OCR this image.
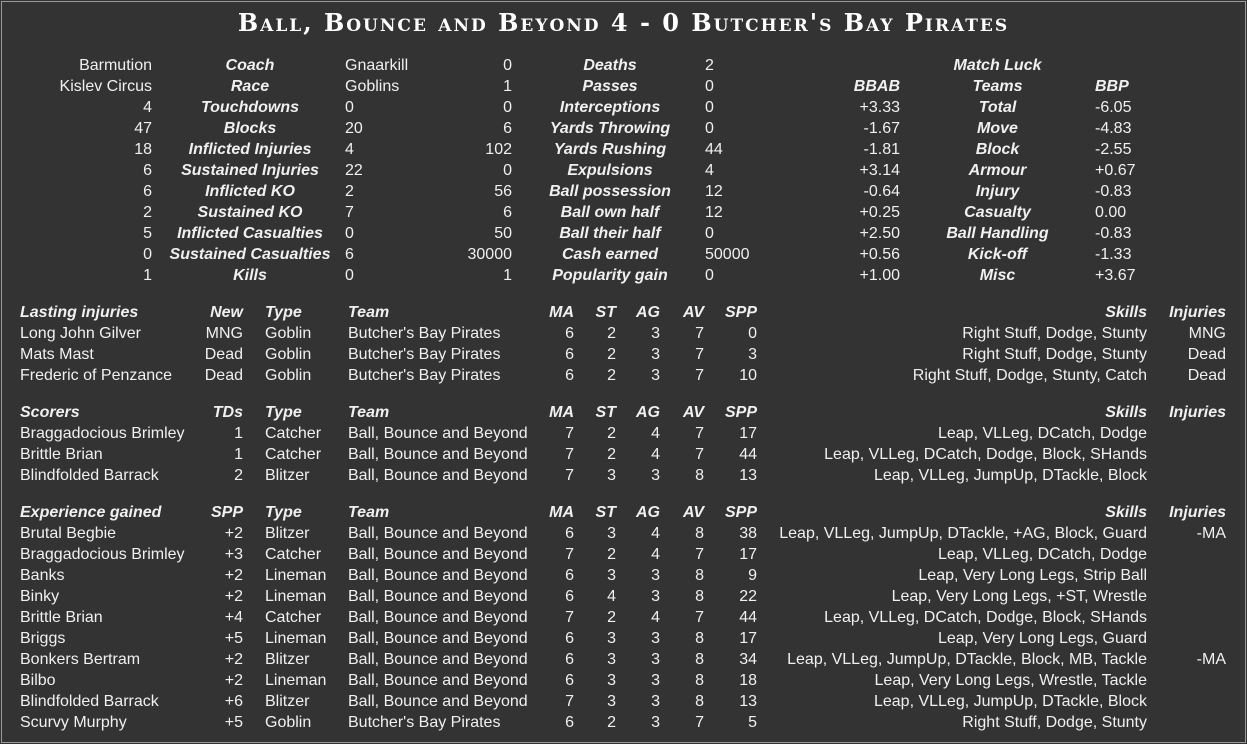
Ball, Bounce and Beyond 4 - 0 Butcher's Bay Pirates
Barmution	Coach	Gnaarkill	0	Deaths	2
Kislev Circus	Race	Goblins	1	Passes	0
4	Touchdowns	0	0	Interceptions	0
47	Blocks	20	6	Yards Throwing	0
18	Inflicted Injuries	4	102	Yards Rushing	44
6	Sustained Injuries	22	0	Expulsions	4
6	Inflicted KO	2	56	Ball possession	12
2	Sustained KO	7	6	Ball own half	12
5	Inflicted Casualties	0	50	Ball their half	0
0	Sustained Casualties 6	30000	Cash earned	50000
1	Kills	0	1	Popularity gain	0
Match Luck
BBAB	Teams	BBP
+3.33	Total	-6.05
-1.67	Move	-4.83
-1.81	Block	-2.55
+3.14	Armour	+0.67
-0.64	Injury	-0.83
+0.25	Casualty	0.00
+2.50	Ball Handling	-0.83
+0.56	Kick-off	-1.33
+1.00	Misc	+3.67
Lasting injuries	New Type	Team	MA	ST	AG	AV	SPP	Skills	Injuries
Long John Gilver	MNG Goblin	Butcher's Bay Pirates	6	2	3	7	0	Right Stuff, Dodge, Stunty	MNG
Mats Mast	Dead Goblin	Butcher's Bay Pirates	6	2	3	7	3	Right Stuff, Dodge, Stunty	Dead
Frederic of Penzance	Dead Goblin	Butcher's Bay Pirates	6	2	3	7	10	Right Stuff, Dodge, Stunty, Catch	Dead
Scorers	TDs Type	Team	MA	ST	AG	AV	SPP	Skills	Injuries
Braggadocious Brimley	1 Catcher	Ball, Bounce and Beyond	7	2	4	7	17	Leap, VLLeg, DCatch, Dodge
Brittle Brian	1 Catcher	Ball, Bounce and Beyond	7	2	4	7	44	Leap, VLLeg, DCatch, Dodge, Block, SHands
Blindfolded Barrack	2 Blitzer	Ball, Bounce and Beyond	7	3	3	8	13	Leap, VLLeg, JumpUp, DTackle, Block
Experience gained	SPP Type	Team	MA	ST	AG	AV	SPP	Skills	Injuries
Brutal Begbie	+2 Blitzer	Ball, Bounce and Beyond	6	3	4	8	38	Leap, VLLeg, JumpUp, DTackle, +AG, Block, Guard	-MA
Braggadocious Brimley	+3 Catcher	Ball, Bounce and Beyond	7	2	4	7	17	Leap, VLLeg, DCatch, Dodge
Banks	+2 Lineman	Ball, Bounce and Beyond	6	3	3	8	9	Leap, Very Long Legs, Strip Ball
Binky	+2 Lineman	Ball, Bounce and Beyond	6	4	3	8	22	Leap, Very Long Legs, +ST, Wrestle
Brittle Brian	+4 Catcher	Ball, Bounce and Beyond	7	2	4	7	44	Leap, VLLeg, DCatch, Dodge, Block, SHands
Briggs	+5 Lineman	Ball, Bounce and Beyond	6	3	3	8	17	Leap, Very Long Legs, Guard
Bonkers Bertram	+2 Blitzer	Ball, Bounce and Beyond	6	3	3	8	34	Leap, VLLeg, JumpUp, DTackle, Block, MB, Tackle	-MA
Bilbo	+2 Lineman	Ball, Bounce and Beyond	6	3	3	8	18	Leap, Very Long Legs, Wrestle, Tackle
Blindfolded Barrack	+6 Blitzer	Ball, Bounce and Beyond	7	3	3	8	13	Leap, VLLeg, JumpUp, DTackle, Block
Scurvy Murphy	+5 Goblin	Butcher's Bay Pirates	6	2	3	7	5	Right Stuff, Dodge, Stunty
